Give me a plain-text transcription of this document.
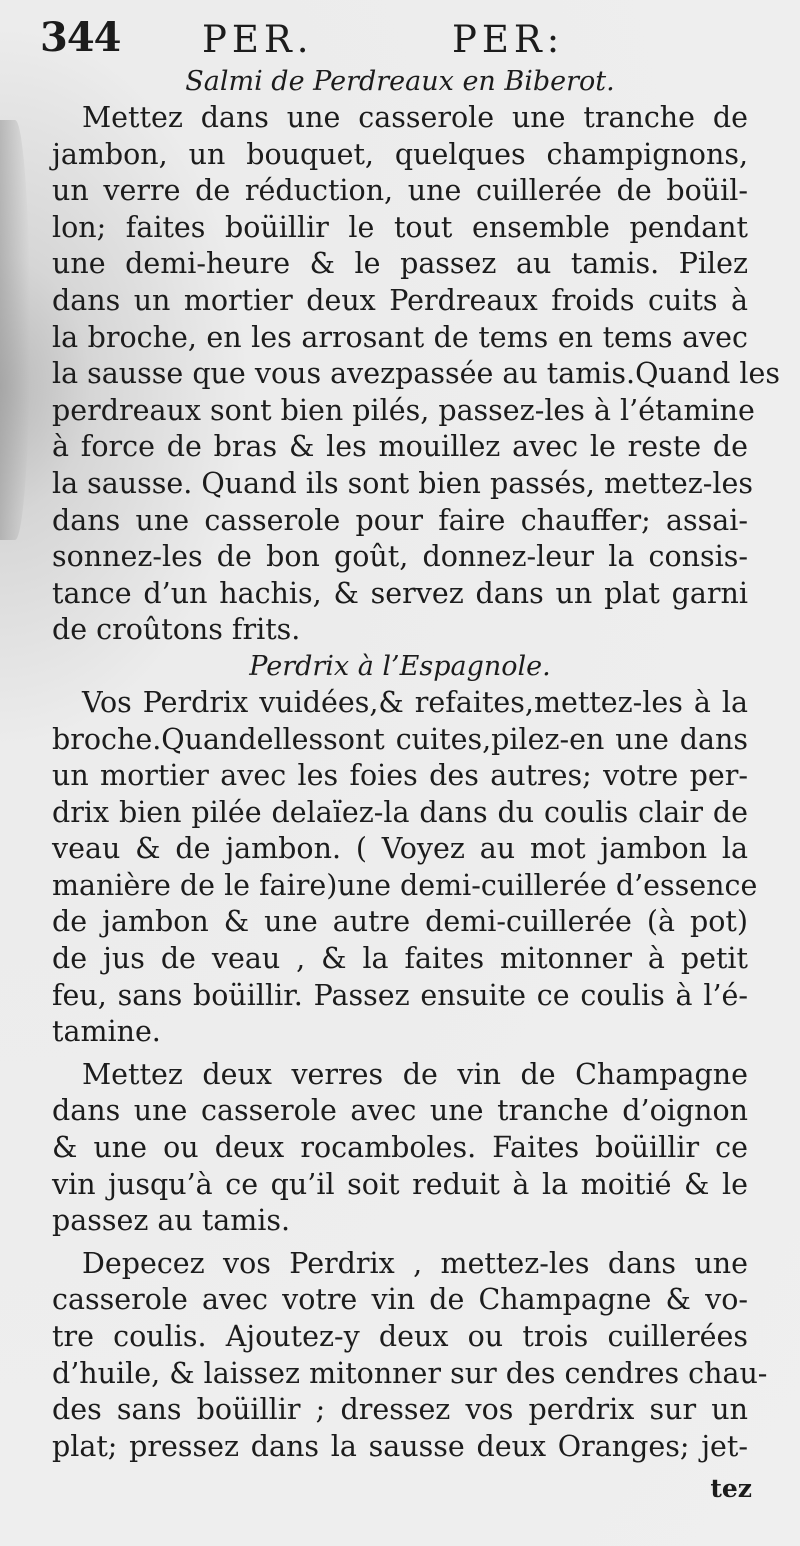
344 PER.	PER:
Salmi de Perdreaux en Biberot.
Mettez dans une casserole une tranche de
jambon, un bouquet, quelques champignons,
un verre de réduction, une cuillerée de boüil-
lon; faites boüillir le tout ensemble pendant
une demi-heure & le passez au tamis. Pilez
dans un mortier deux Perdreaux froids cuits à
la broche, en les arrosant de tems en tems avec
la sausse que vous avezpassée au tamis.Quand les
perdreaux sont bien pilés, passez-les à l’étamine
à force de bras & les mouillez avec le reste de
la sausse. Quand ils sont bien passés, mettez-les
dans une casserole pour faire chauffer; assai-
sonnez-les de bon goût, donnez-leur la consis-
tance d’un hachis, & servez dans un plat garni
de croûtons frits.
Perdrix à l’Espagnole.
Vos Perdrix vuidées,& refaites,mettez-les à la
broche.Quandellessont cuites,pilez-en une dans
un mortier avec les foies des autres; votre per-
drix bien pilée delaïez-la dans du coulis clair de
veau & de jambon. ( Voyez au mot jambon la
manière de le faire)une demi-cuillerée d’essence
de jambon & une autre demi-cuillerée (à pot)
de jus de veau , & la faites mitonner à petit
feu, sans boüillir. Passez ensuite ce coulis à l’é-
tamine.
Mettez deux verres de vin de Champagne
dans une casserole avec une tranche d’oignon
& une ou deux rocamboles. Faites boüillir ce
vin jusqu’à ce qu’il soit reduit à la moitié & le
passez au tamis.
Depecez vos Perdrix , mettez-les dans une
casserole avec votre vin de Champagne & vo-
tre coulis. Ajoutez-y deux ou trois cuillerées
d’huile, & laissez mitonner sur des cendres chau-
des sans boüillir ; dressez vos perdrix sur un
plat; pressez dans la sausse deux Oranges; jet-
tez
